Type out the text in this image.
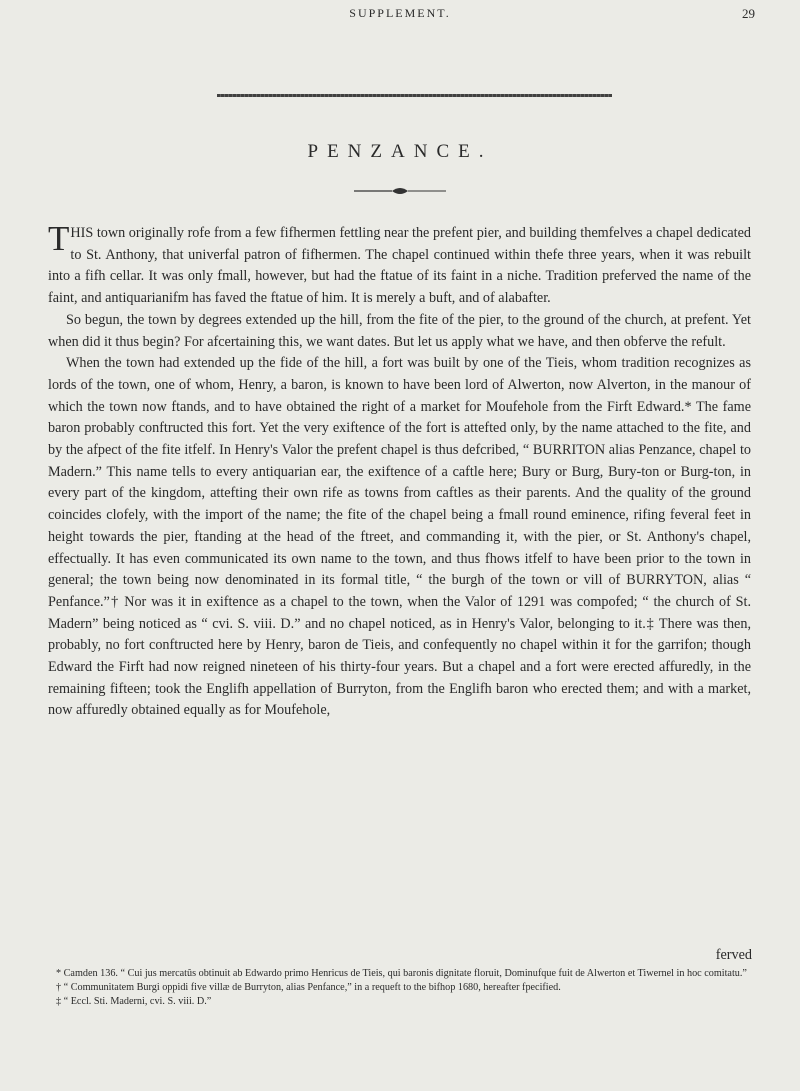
SUPPLEMENT.	29
PENZANCE.

THIS town originally rofe from a few fifhermen fettling near the prefent pier, and building themfelves a chapel dedicated to St. Anthony, that univerfal patron of fifhermen. The chapel continued within thefe three years, when it was rebuilt into a fifh cellar. It was only fmall, however, but had the ftatue of its faint in a niche. Tradition preferved the name of the faint, and antiquarianifm has faved the ftatue of him. It is merely a buft, and of alabafter.

So begun, the town by degrees extended up the hill, from the fite of the pier, to the ground of the church, at prefent. Yet when did it thus begin? For afcertaining this, we want dates. But let us apply what we have, and then obferve the refult.

When the town had extended up the fide of the hill, a fort was built by one of the Tieis, whom tradition recognizes as lords of the town, one of whom, Henry, a baron, is known to have been lord of Alwerton, now Alverton, in the manour of which the town now ftands, and to have obtained the right of a market for Moufehole from the Firft Edward.* The fame baron probably conftructed this fort. Yet the very exiftence of the fort is attefted only, by the name attached to the fite, and by the afpect of the fite itfelf. In Henry's Valor the prefent chapel is thus defcribed, “ BURRITON alias Penzance, chapel to Madern.” This name tells to every antiquarian ear, the exiftence of a caftle here; Bury or Burg, Bury-ton or Burg-ton, in every part of the kingdom, attefting their own rife as towns from caftles as their parents. And the quality of the ground coincides clofely, with the import of the name; the fite of the chapel being a fmall round eminence, rifing feveral feet in height towards the pier, ftanding at the head of the ftreet, and commanding it, with the pier, or St. Anthony's chapel, effectually. It has even communicated its own name to the town, and thus fhows itfelf to have been prior to the town in general; the town being now denominated in its formal title, “ the burgh of the town or vill of BURRYTON, alias “ Penfance.”† Nor was it in exiftence as a chapel to the town, when the Valor of 1291 was compofed; “ the church of St. Madern” being noticed as “ cvi. S. viii. D.” and no chapel noticed, as in Henry's Valor, belonging to it.‡ There was then, probably, no fort conftructed here by Henry, baron de Tieis, and confequently no chapel within it for the garrifon; though Edward the Firft had now reigned nineteen of his thirty-four years. But a chapel and a fort were erected affuredly, in the remaining fifteen; took the Englifh appellation of Burryton, from the Englifh baron who erected them; and with a market, now affuredly obtained equally as for Moufehole,

ferved
* Camden 136. “ Cui jus mercatûs obtinuit ab Edwardo primo Henricus de Tieis, qui baronis dignitate floruit, Dominufque fuit de Alwerton et Tiwernel in hoc comitatu.”
† “ Communitatem Burgi oppidi five villæ de Burryton, alias Penfance,” in a requeft to the bifhop 1680, hereafter fpecified.
‡ “ Eccl. Sti. Maderni, cvi. S. viii. D.”
